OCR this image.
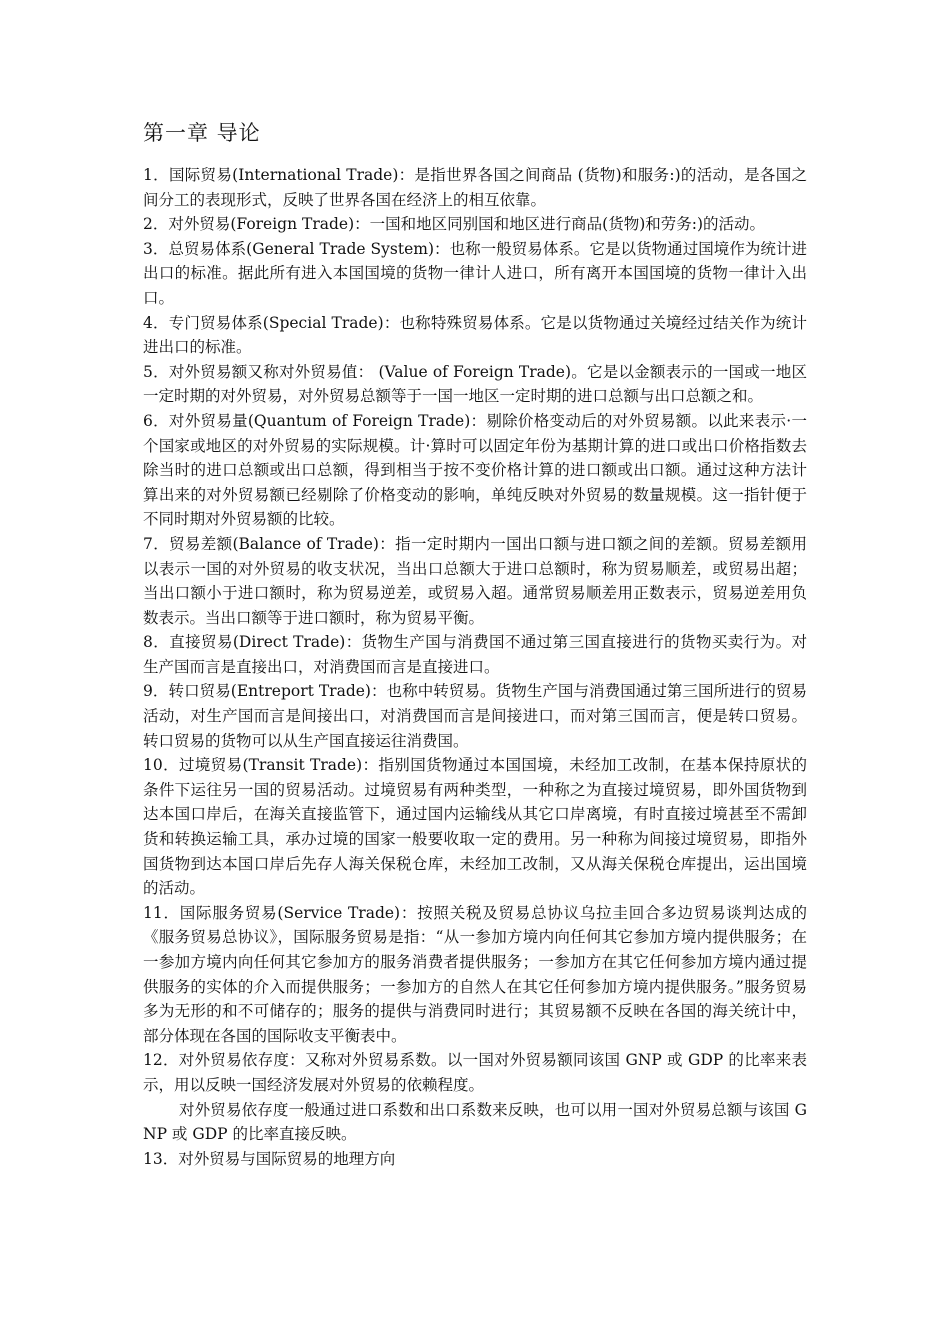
第一章 导论

1．国际贸易(International Trade)：是指世界各国之间商品 (货物)和服务:)的活动，是各国之间分工的表现形式，反映了世界各国在经济上的相互依靠。

2．对外贸易(Foreign Trade)：一国和地区同别国和地区进行商品(货物)和劳务:)的活动。

3．总贸易体系(General Trade System)：也称一般贸易体系。它是以货物通过国境作为统计进出口的标准。据此所有进入本国国境的货物一律计人进口，所有离开本国国境的货物一律计入出口。

4．专门贸易体系(Special Trade)：也称特殊贸易体系。它是以货物通过关境经过结关作为统计进出口的标准。

5．对外贸易额又称对外贸易值： (Value of Foreign Trade)。它是以金额表示的一国或一地区一定时期的对外贸易，对外贸易总额等于一国一地区一定时期的进口总额与出口总额之和。

6．对外贸易量(Quantum of Foreign Trade)：剔除价格变动后的对外贸易额。以此来表示·一个国家或地区的对外贸易的实际规模。计·算时可以固定年份为基期计算的进口或出口价格指数去除当时的进口总额或出口总额，得到相当于按不变价格计算的进口额或出口额。通过这种方法计算出来的对外贸易额已经剔除了价格变动的影响，单纯反映对外贸易的数量规模。这一指针便于不同时期对外贸易额的比较。

7．贸易差额(Balance of Trade)：指一定时期内一国出口额与进口额之间的差额。贸易差额用以表示一国的对外贸易的收支状况，当出口总额大于进口总额时，称为贸易顺差，或贸易出超；当出口额小于进口额时，称为贸易逆差，或贸易入超。通常贸易顺差用正数表示，贸易逆差用负数表示。当出口额等于进口额时，称为贸易平衡。

8．直接贸易(Direct Trade)：货物生产国与消费国不通过第三国直接进行的货物买卖行为。对生产国而言是直接出口，对消费国而言是直接进口。

9．转口贸易(Entreport Trade)：也称中转贸易。货物生产国与消费国通过第三国所进行的贸易活动，对生产国而言是间接出口，对消费国而言是间接进口，而对第三国而言，便是转口贸易。转口贸易的货物可以从生产国直接运往消费国。

10．过境贸易(Transit Trade)：指别国货物通过本国国境，未经加工改制，在基本保持原状的条件下运往另一国的贸易活动。过境贸易有两种类型，一种称之为直接过境贸易，即外国货物到达本国口岸后，在海关直接监管下，通过国内运输线从其它口岸离境，有时直接过境甚至不需卸货和转换运输工具，承办过境的国家一般要收取一定的费用。另一种称为间接过境贸易，即指外国货物到达本国口岸后先存人海关保税仓库，未经加工改制，又从海关保税仓库提出，运出国境的活动。

11．国际服务贸易(Service Trade)：按照关税及贸易总协议乌拉圭回合多边贸易谈判达成的《服务贸易总协议》，国际服务贸易是指：“从一参加方境内向任何其它参加方境内提供服务；在一参加方境内向任何其它参加方的服务消费者提供服务；一参加方在其它任何参加方境内通过提供服务的实体的介入而提供服务；一参加方的自然人在其它任何参加方境内提供服务。”服务贸易多为无形的和不可储存的；服务的提供与消费同时进行；其贸易额不反映在各国的海关统计中，部分体现在各国的国际收支平衡表中。

12．对外贸易依存度：又称对外贸易系数。以一国对外贸易额同该国 GNP 或 GDP 的比率来表示，用以反映一国经济发展对外贸易的依赖程度。

对外贸易依存度一般通过进口系数和出口系数来反映，也可以用一国对外贸易总额与该国 GNP 或 GDP 的比率直接反映。

13．对外贸易与国际贸易的地理方向
